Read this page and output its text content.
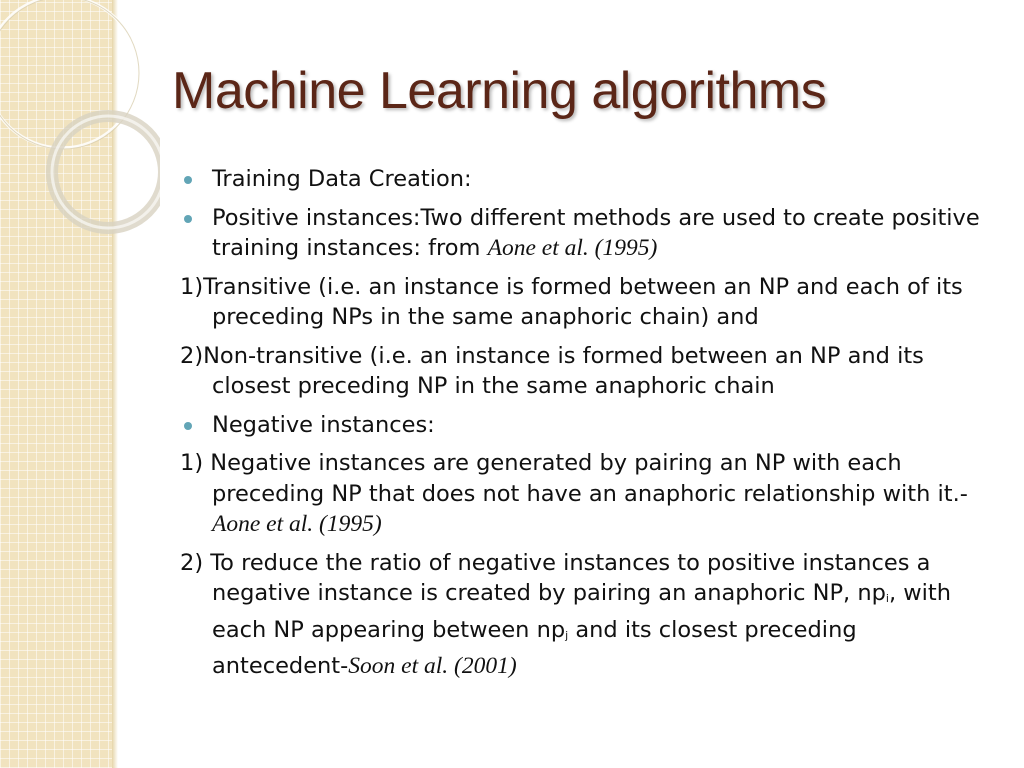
Machine Learning algorithms
Training Data Creation:
Positive instances:Two different methods are used to create positive training instances: from Aone et al. (1995)
1)Transitive (i.e. an instance is formed between an NP and each of its preceding NPs in the same anaphoric chain) and
2)Non-transitive (i.e. an instance is formed between an NP and its closest preceding NP in the same anaphoric chain
Negative instances:
1) Negative instances are generated by pairing an NP with each preceding NP that does not have an anaphoric relationship with it.- Aone et al. (1995)
2) To reduce the ratio of negative instances to positive instances a negative instance is created by pairing an anaphoric NP, $np_i$, with each NP appearing between $np_j$ and its closest preceding antecedent-Soon et al. (2001)
